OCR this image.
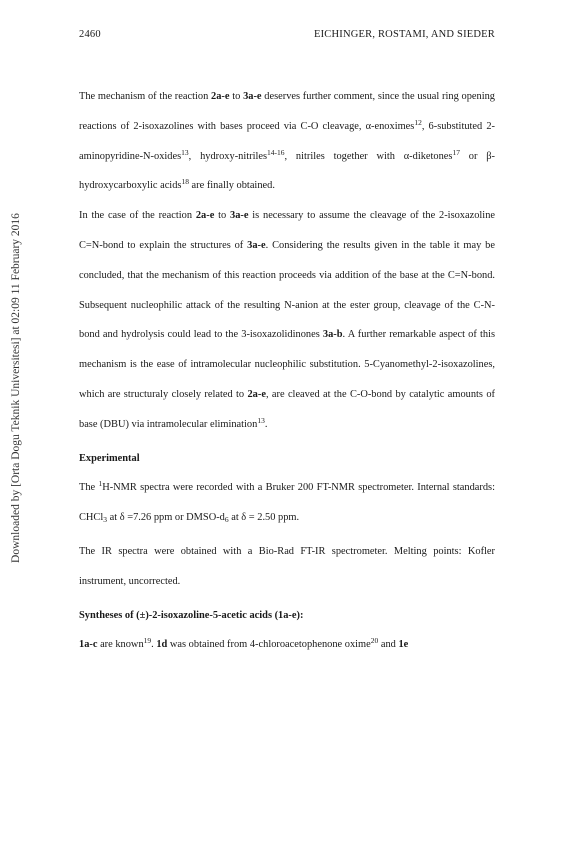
Downloaded by [Orta Dogu Teknik Universitesi] at 02:09 11 February 2016
2460	EICHINGER, ROSTAMI, AND SIEDER

The mechanism of the reaction 2a-e to 3a-e deserves further comment, since the usual ring opening reactions of 2-isoxazolines with bases proceed via C-O cleavage, α-enoximes$^{12}$, 6-substituted 2-aminopyridine-N-oxides$^{13}$, hydroxy-nitriles$^{14-16}$, nitriles together with α-diketones$^{17}$ or β-hydroxycarboxylic acids$^{18}$ are finally obtained.

In the case of the reaction 2a-e to 3a-e is necessary to assume the cleavage of the 2-isoxazoline C=N-bond to explain the structures of 3a-e. Considering the results given in the table it may be concluded, that the mechanism of this reaction proceeds via addition of the base at the C=N-bond. Subsequent nucleophilic attack of the resulting N-anion at the ester group, cleavage of the C-N-bond and hydrolysis could lead to the 3-isoxazolidinones 3a-b. A further remarkable aspect of this mechanism is the ease of intramolecular nucleophilic substitution. 5-Cyanomethyl-2-isoxazolines, which are structuraly closely related to 2a-e, are cleaved at the C-O-bond by catalytic amounts of base (DBU) via intramolecular elimination$^{13}$.

Experimental

The $^1$H-NMR spectra were recorded with a Bruker 200 FT-NMR spectrometer. Internal standards: CHCl$_3$ at δ =7.26 ppm or DMSO-$d_6$ at δ = 2.50 ppm.

The IR spectra were obtained with a Bio-Rad FT-IR spectrometer. Melting points: Kofler instrument, uncorrected.

Syntheses of (±)-2-isoxazoline-5-acetic acids (1a-e):

1a-c are known$^{19}$. 1d was obtained from 4-chloroacetophenone oxime$^{20}$ and 1e
